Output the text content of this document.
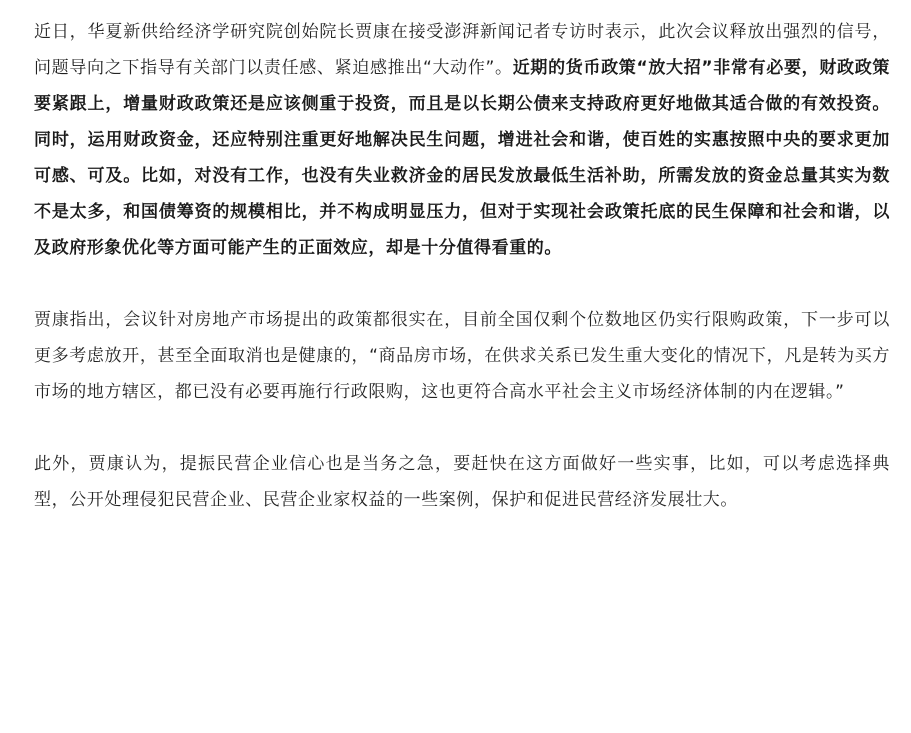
近日，华夏新供给经济学研究院创始院长贾康在接受澎湃新闻记者专访时表示，此次会议释放出强烈的信号，问题导向之下指导有关部门以责任感、紧迫感推出“大动作”。近期的货币政策“放大招”非常有必要，财政政策要紧跟上，增量财政政策还是应该侧重于投资，而且是以长期公债来支持政府更好地做其适合做的有效投资。同时，运用财政资金，还应特别注重更好地解决民生问题，增进社会和谐，使百姓的实惠按照中央的要求更加可感、可及。比如，对没有工作，也没有失业救济金的居民发放最低生活补助，所需发放的资金总量其实为数不是太多，和国债筹资的规模相比，并不构成明显压力，但对于实现社会政策托底的民生保障和社会和谐，以及政府形象优化等方面可能产生的正面效应，却是十分值得看重的。

贾康指出，会议针对房地产市场提出的政策都很实在，目前全国仅剩个位数地区仍实行限购政策，下一步可以更多考虑放开，甚至全面取消也是健康的，“商品房市场，在供求关系已发生重大变化的情况下，凡是转为买方市场的地方辖区，都已没有必要再施行行政限购，这也更符合高水平社会主义市场经济体制的内在逻辑。”

此外，贾康认为，提振民营企业信心也是当务之急，要赶快在这方面做好一些实事，比如，可以考虑选择典型，公开处理侵犯民营企业、民营企业家权益的一些案例，保护和促进民营经济发展壮大。
